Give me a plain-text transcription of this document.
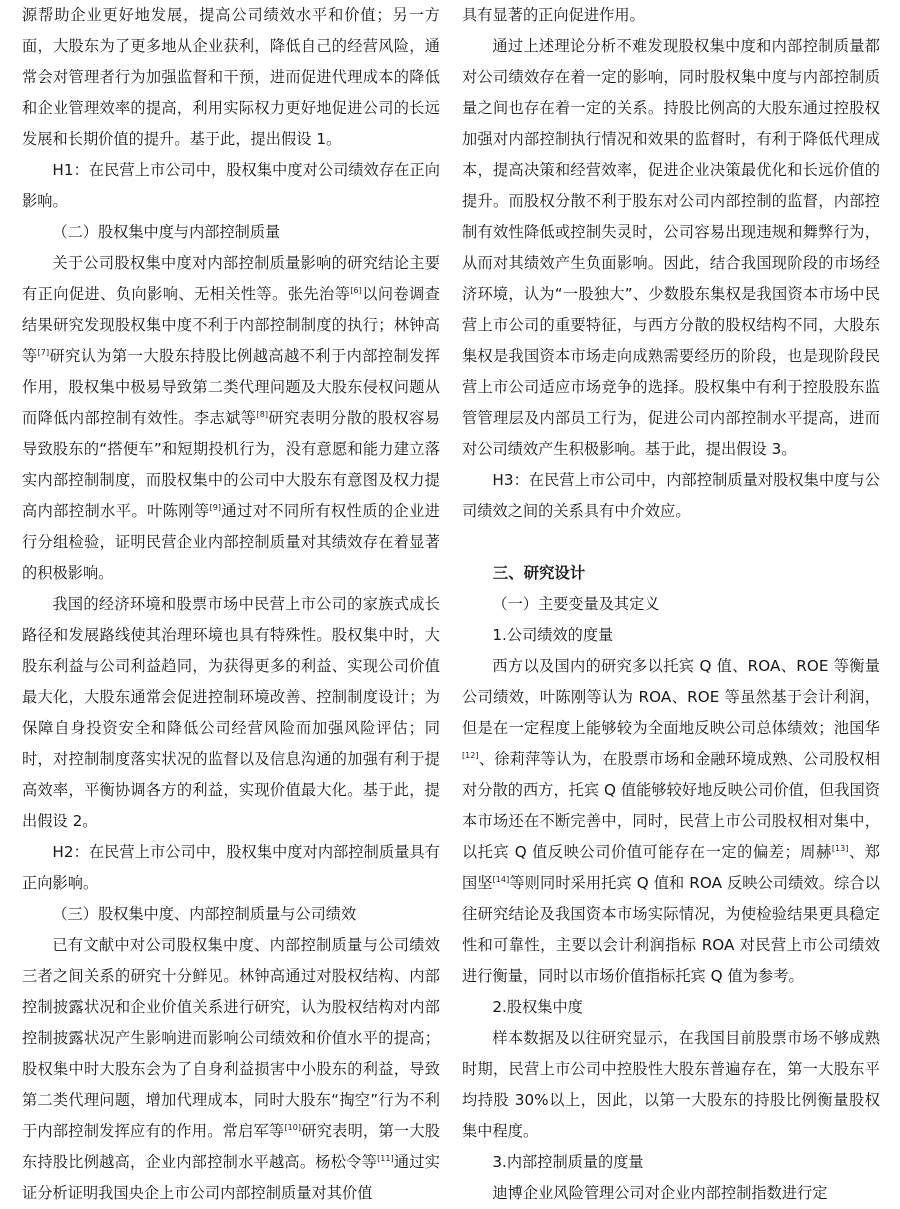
源帮助企业更好地发展，提高公司绩效水平和价值；另一方面，大股东为了更多地从企业获利，降低自己的经营风险，通常会对管理者行为加强监督和干预，进而促进代理成本的降低和企业管理效率的提高，利用实际权力更好地促进公司的长远发展和长期价值的提升。基于此，提出假设 1。

H1：在民营上市公司中，股权集中度对公司绩效存在正向影响。

（二）股权集中度与内部控制质量

关于公司股权集中度对内部控制质量影响的研究结论主要有正向促进、负向影响、无相关性等。张先治等[6]以问卷调查结果研究发现股权集中度不利于内部控制制度的执行；林钟高等[7]研究认为第一大股东持股比例越高越不利于内部控制发挥作用，股权集中极易导致第二类代理问题及大股东侵权问题从而降低内部控制有效性。李志斌等[8]研究表明分散的股权容易导致股东的“搭便车”和短期投机行为，没有意愿和能力建立落实内部控制制度，而股权集中的公司中大股东有意图及权力提高内部控制水平。叶陈刚等[9]通过对不同所有权性质的企业进行分组检验，证明民营企业内部控制质量对其绩效存在着显著的积极影响。

我国的经济环境和股票市场中民营上市公司的家族式成长路径和发展路线使其治理环境也具有特殊性。股权集中时，大股东利益与公司利益趋同，为获得更多的利益、实现公司价值最大化，大股东通常会促进控制环境改善、控制制度设计；为保障自身投资安全和降低公司经营风险而加强风险评估；同时，对控制制度落实状况的监督以及信息沟通的加强有利于提高效率，平衡协调各方的利益，实现价值最大化。基于此，提出假设 2。

H2：在民营上市公司中，股权集中度对内部控制质量具有正向影响。

（三）股权集中度、内部控制质量与公司绩效

已有文献中对公司股权集中度、内部控制质量与公司绩效三者之间关系的研究十分鲜见。林钟高通过对股权结构、内部控制披露状况和企业价值关系进行研究，认为股权结构对内部控制披露状况产生影响进而影响公司绩效和价值水平的提高；股权集中时大股东会为了自身利益损害中小股东的利益，导致第二类代理问题，增加代理成本，同时大股东“掏空”行为不利于内部控制发挥应有的作用。常启军等[10]研究表明，第一大股东持股比例越高，企业内部控制水平越高。杨松令等[11]通过实证分析证明我国央企上市公司内部控制质量对其价值

具有显著的正向促进作用。

通过上述理论分析不难发现股权集中度和内部控制质量都对公司绩效存在着一定的影响，同时股权集中度与内部控制质量之间也存在着一定的关系。持股比例高的大股东通过控股权加强对内部控制执行情况和效果的监督时，有利于降低代理成本，提高决策和经营效率，促进企业决策最优化和长远价值的提升。而股权分散不利于股东对公司内部控制的监督，内部控制有效性降低或控制失灵时，公司容易出现违规和舞弊行为，从而对其绩效产生负面影响。因此，结合我国现阶段的市场经济环境，认为“一股独大”、少数股东集权是我国资本市场中民营上市公司的重要特征，与西方分散的股权结构不同，大股东集权是我国资本市场走向成熟需要经历的阶段，也是现阶段民营上市公司适应市场竞争的选择。股权集中有利于控股股东监管管理层及内部员工行为，促进公司内部控制水平提高，进而对公司绩效产生积极影响。基于此，提出假设 3。

H3：在民营上市公司中，内部控制质量对股权集中度与公司绩效之间的关系具有中介效应。

三、研究设计

（一）主要变量及其定义

1.公司绩效的度量

西方以及国内的研究多以托宾 Q 值、ROA、ROE 等衡量公司绩效，叶陈刚等认为 ROA、ROE 等虽然基于会计利润，但是在一定程度上能够较为全面地反映公司总体绩效；池国华[12]、徐莉萍等认为，在股票市场和金融环境成熟、公司股权相对分散的西方，托宾 Q 值能够较好地反映公司价值，但我国资本市场还在不断完善中，同时，民营上市公司股权相对集中，以托宾 Q 值反映公司价值可能存在一定的偏差；周赫[13]、郑国坚[14]等则同时采用托宾 Q 值和 ROA 反映公司绩效。综合以往研究结论及我国资本市场实际情况，为使检验结果更具稳定性和可靠性，主要以会计利润指标 ROA 对民营上市公司绩效进行衡量，同时以市场价值指标托宾 Q 值为参考。

2.股权集中度

样本数据及以往研究显示，在我国目前股票市场不够成熟时期，民营上市公司中控股性大股东普遍存在，第一大股东平均持股 30%以上，因此，以第一大股东的持股比例衡量股权集中程度。

3.内部控制质量的度量

迪博企业风险管理公司对企业内部控制指数进行定
